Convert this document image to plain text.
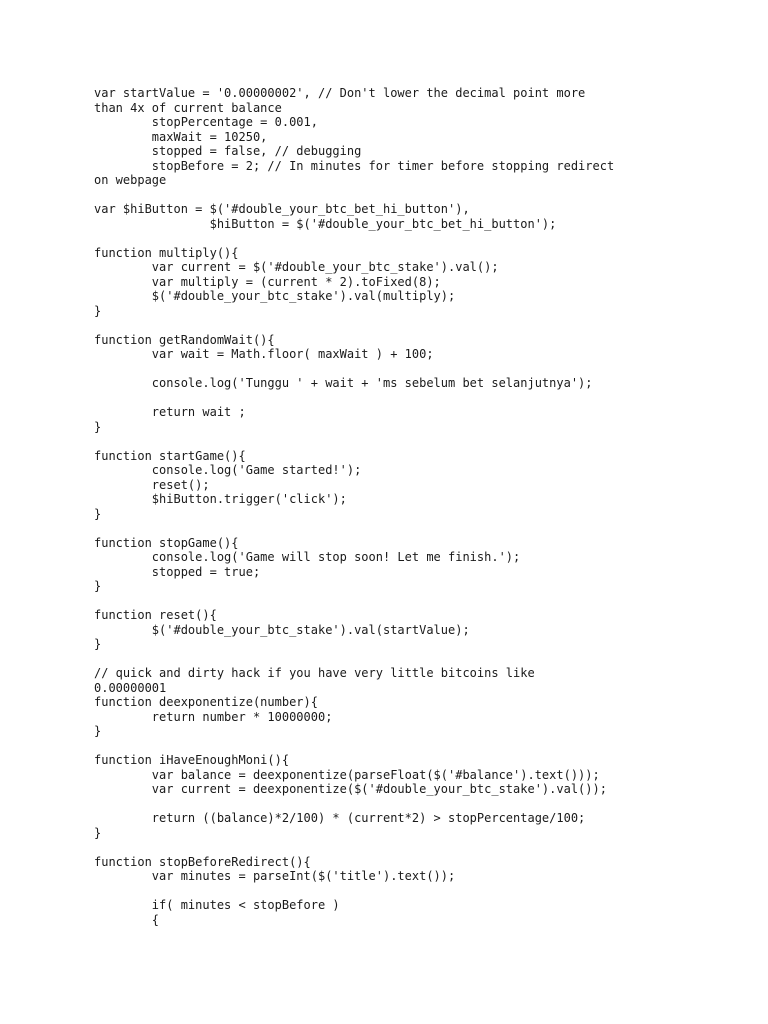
var startValue = '0.00000002', // Don't lower the decimal point more
than 4x of current balance
	stopPercentage = 0.001,
	maxWait = 10250,
	stopped = false, // debugging
	stopBefore = 2; // In minutes for timer before stopping redirect
on webpage
var $hiButton = $('#double_your_btc_bet_hi_button'),
		$hiButton = $('#double_your_btc_bet_hi_button');
function multiply(){
	var current = $('#double_your_btc_stake').val();
	var multiply = (current * 2).toFixed(8);
	$('#double_your_btc_stake').val(multiply);
}
function getRandomWait(){
	var wait = Math.floor( maxWait ) + 100;
	console.log('Tunggu ' + wait + 'ms sebelum bet selanjutnya');
	return wait ;
}
function startGame(){
	console.log('Game started!');
	reset();
	$hiButton.trigger('click');
}
function stopGame(){
	console.log('Game will stop soon! Let me finish.');
	stopped = true;
}
function reset(){
	$('#double_your_btc_stake').val(startValue);
}
// quick and dirty hack if you have very little bitcoins like
0.00000001
function deexponentize(number){
	return number * 10000000;
}
function iHaveEnoughMoni(){
	var balance = deexponentize(parseFloat($('#balance').text()));
	var current = deexponentize($('#double_your_btc_stake').val());
	return ((balance)*2/100) * (current*2) > stopPercentage/100;
}
function stopBeforeRedirect(){
	var minutes = parseInt($('title').text());
	if( minutes < stopBefore )
	{
